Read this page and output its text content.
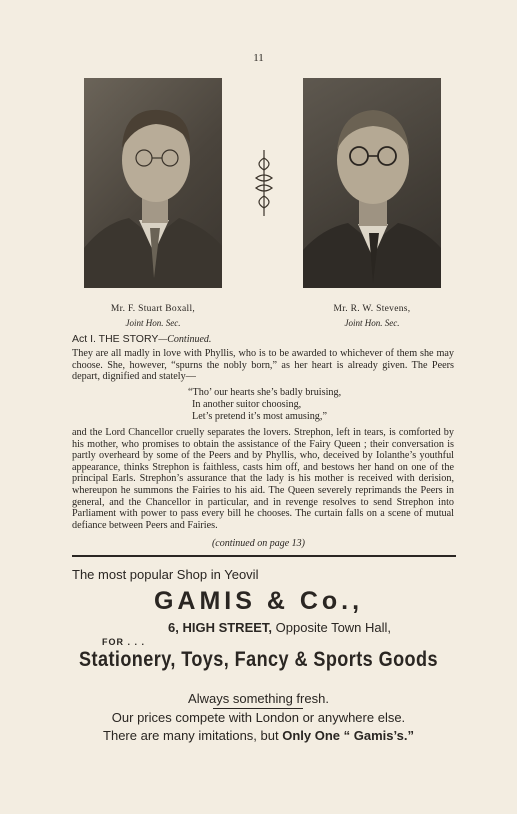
11
Mr. F. Stuart Boxall,
Joint Hon. Sec.
Mr. R. W. Stevens,
Joint Hon. Sec.
Act I. THE STORY—Continued.
They are all madly in love with Phyllis, who is to be awarded to whichever of them she may choose. She, however, “spurns the nobly born,” as her heart is already given. The Peers depart, dignified and stately—
“Tho’ our hearts she’s badly bruising,
In another suitor choosing,
Let’s pretend it’s most amusing,”
and the Lord Chancellor cruelly separates the lovers. Strephon, left in tears, is comforted by his mother, who promises to obtain the assistance of the Fairy Queen ; their conversation is partly overheard by some of the Peers and by Phyllis, who, deceived by Iolanthe’s youthful appearance, thinks Strephon is faithless, casts him off, and bestows her hand on one of the principal Earls. Strephon’s assurance that the lady is his mother is received with derision, whereupon he summons the Fairies to his aid. The Queen severely reprimands the Peers in general, and the Chancellor in particular, and in revenge resolves to send Strephon into Parliament with power to pass every bill he chooses. The curtain falls on a scene of mutual defiance between Peers and Fairies.
(continued on page 13)
The most popular Shop in Yeovil
GAMIS & Co.,
6, HIGH STREET, Opposite Town Hall,
FOR . . .
Stationery, Toys, Fancy & Sports Goods
Always something fresh.
Our prices compete with London or anywhere else.
There are many imitations, but Only One “ Gamis’s.”
